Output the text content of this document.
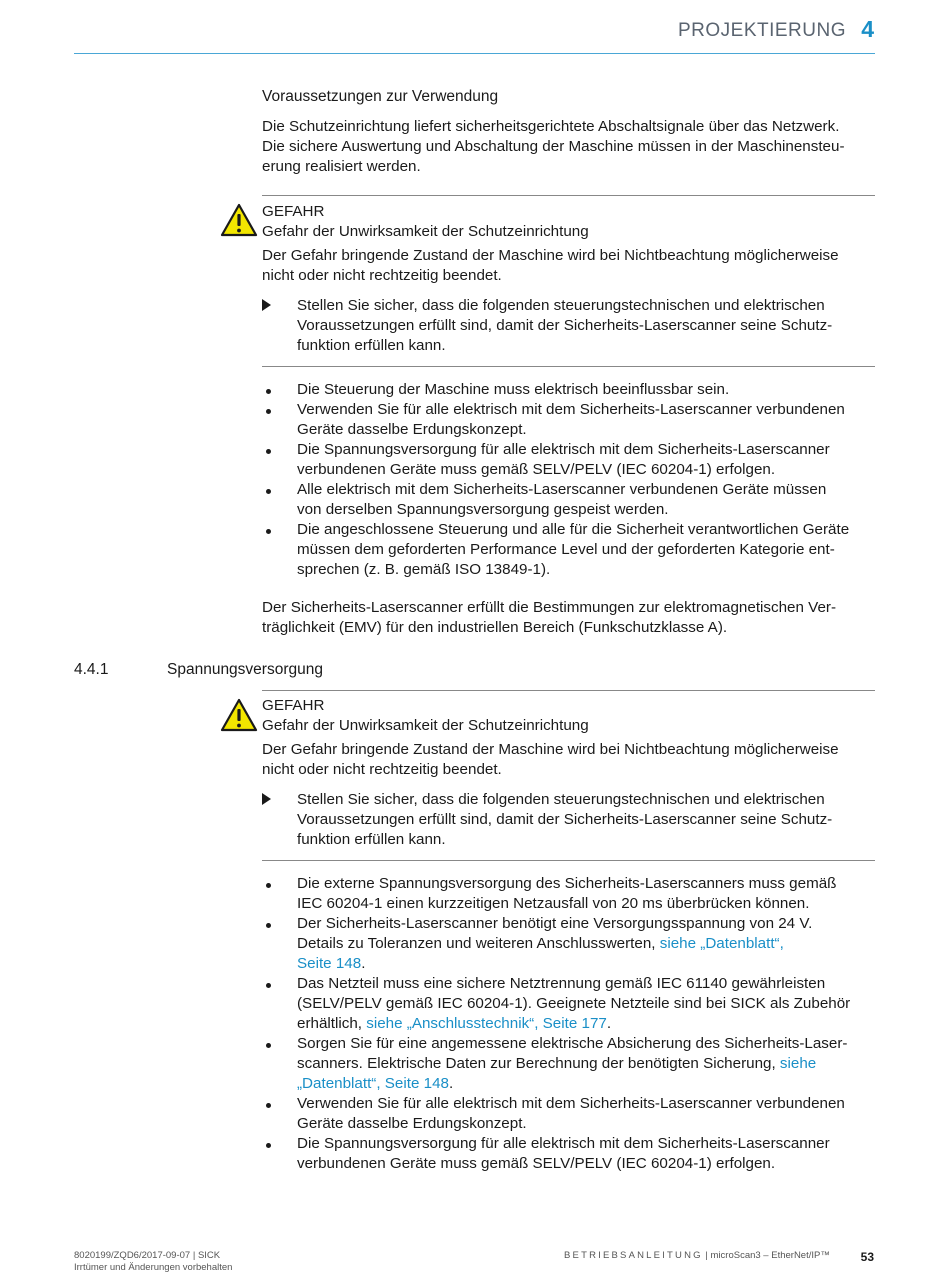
PROJEKTIERUNG 4
Voraussetzungen zur Verwendung
Die Schutzeinrichtung liefert sicherheitsgerichtete Abschaltsignale über das Netzwerk.
Die sichere Auswertung und Abschaltung der Maschine müssen in der Maschinensteu-
erung realisiert werden.
GEFAHR
Gefahr der Unwirksamkeit der Schutzeinrichtung
Der Gefahr bringende Zustand der Maschine wird bei Nichtbeachtung möglicherweise
nicht oder nicht rechtzeitig beendet.
Stellen Sie sicher, dass die folgenden steuerungstechnischen und elektrischen
Voraussetzungen erfüllt sind, damit der Sicherheits-Laserscanner seine Schutz-
funktion erfüllen kann.
Die Steuerung der Maschine muss elektrisch beeinflussbar sein.
Verwenden Sie für alle elektrisch mit dem Sicherheits-Laserscanner verbundenen
Geräte dasselbe Erdungskonzept.
Die Spannungsversorgung für alle elektrisch mit dem Sicherheits-Laserscanner
verbundenen Geräte muss gemäß SELV/PELV (IEC 60204-1) erfolgen.
Alle elektrisch mit dem Sicherheits-Laserscanner verbundenen Geräte müssen
von derselben Spannungsversorgung gespeist werden.
Die angeschlossene Steuerung und alle für die Sicherheit verantwortlichen Geräte
müssen dem geforderten Performance Level und der geforderten Kategorie ent-
sprechen (z. B. gemäß ISO 13849-1).
Der Sicherheits-Laserscanner erfüllt die Bestimmungen zur elektromagnetischen Ver-
träglichkeit (EMV) für den industriellen Bereich (Funkschutzklasse A).
4.4.1	Spannungsversorgung
GEFAHR
Gefahr der Unwirksamkeit der Schutzeinrichtung
Der Gefahr bringende Zustand der Maschine wird bei Nichtbeachtung möglicherweise
nicht oder nicht rechtzeitig beendet.
Stellen Sie sicher, dass die folgenden steuerungstechnischen und elektrischen
Voraussetzungen erfüllt sind, damit der Sicherheits-Laserscanner seine Schutz-
funktion erfüllen kann.
Die externe Spannungsversorgung des Sicherheits-Laserscanners muss gemäß
IEC 60204-1 einen kurzzeitigen Netzausfall von 20 ms überbrücken können.
Der Sicherheits-Laserscanner benötigt eine Versorgungsspannung von 24 V.
Details zu Toleranzen und weiteren Anschlusswerten, siehe „Datenblatt“,
Seite 148.
Das Netzteil muss eine sichere Netztrennung gemäß IEC 61140 gewährleisten
(SELV/PELV gemäß IEC 60204-1). Geeignete Netzteile sind bei SICK als Zubehör
erhältlich, siehe „Anschlusstechnik“, Seite 177.
Sorgen Sie für eine angemessene elektrische Absicherung des Sicherheits-Laser-
scanners. Elektrische Daten zur Berechnung der benötigten Sicherung, siehe
„Datenblatt“, Seite 148.
Verwenden Sie für alle elektrisch mit dem Sicherheits-Laserscanner verbundenen
Geräte dasselbe Erdungskonzept.
Die Spannungsversorgung für alle elektrisch mit dem Sicherheits-Laserscanner
verbundenen Geräte muss gemäß SELV/PELV (IEC 60204-1) erfolgen.
8020199/ZQD6/2017-09-07 | SICK
Irrtümer und Änderungen vorbehalten
BETRIEBSANLEITUNG | microScan3 – EtherNet/IP™	53
